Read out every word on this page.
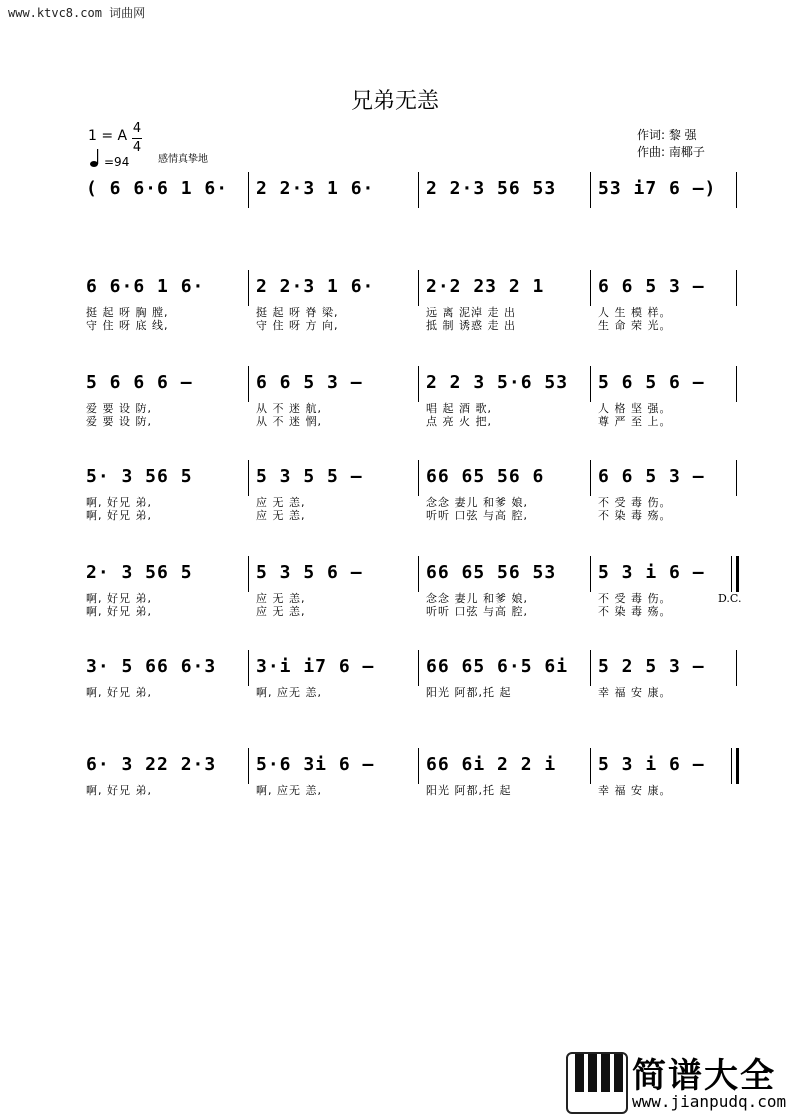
www.ktvc8.com 词曲网
兄弟无恙
1 = A 4
4
=94	感情真挚地
作词: 黎 强
作曲: 南椰子
( 6 6·6 1 6· 2 2·3 1 6·	2 2·3 56 53 53 i7 6 –)
6 6·6 1 6·
挺 起 呀 胸 膛,
守 住 呀 底 线,
2 2·3 1 6·
挺 起 呀 脊 梁,
守 住 呀 方 向,
2·2 23 2 1
远 离 泥淖 走 出
抵 制 诱惑 走 出
6 6 5 3 –
人 生 模 样。
生 命 荣 光。
5 6 6 6 –
爱 要 设 防,
爱 要 设 防,
6 6 5 3 –
从 不 迷 航,
从 不 迷 惘,
2 2 3 5·6 53
唱 起 酒 歌,
点 亮 火 把,
5 6 5 6 –
人 格 坚 强。
尊 严 至 上。
5· 3 56 5
啊, 好兄 弟,
啊, 好兄 弟,
5 3 5 5 –
应 无 恙,
应 无 恙,
66 65 56 6
念念 妻儿 和爹 娘,
听听 口弦 与高 腔,
6 6 5 3 –
不 受 毒 伤。
不 染 毒 殇。
2· 3 56 5
啊, 好兄 弟,
啊, 好兄 弟,
5 3 5 6 –
应 无 恙,
应 无 恙,
66 65 56 53
念念 妻儿 和爹 娘,
听听 口弦 与高 腔,
5 3 i 6 –
不 受 毒 伤。
不 染 毒 殇。
D.C.
3· 5 66 6·3
啊, 好兄 弟,
3·i i7 6 –
啊, 应无 恙,
66 65 6·5 6i
阳光 阿都,托 起
5 2 5 3 –
幸 福 安 康。
6· 3 22 2·3
啊, 好兄 弟,
5·6 3i 6 –
啊, 应无 恙,
66 6i 2 2 i
阳光 阿都,托 起
5 3 i 6 –
幸 福 安 康。
简谱大全
www.jianpudq.com
